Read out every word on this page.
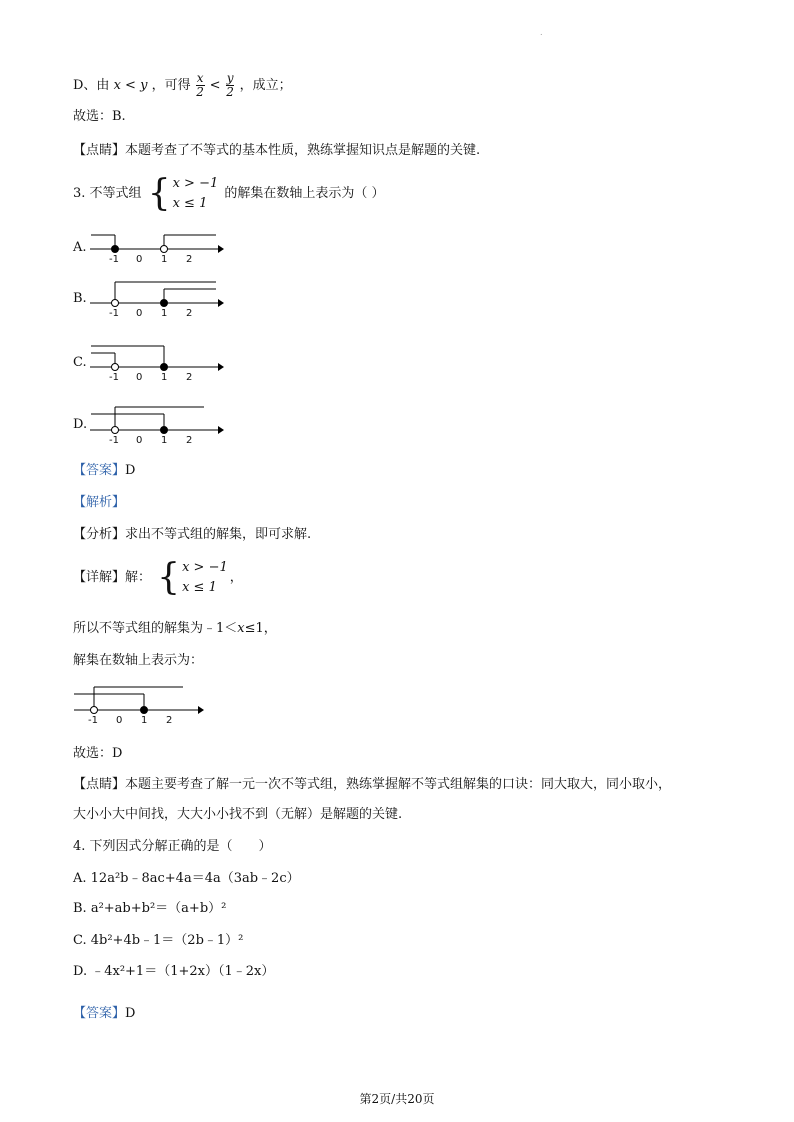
.
D、由 x < y ，可得 $\frac{x}{2} < \frac{y}{2}$ ，成立；
故选：B.
【点睛】本题考查了不等式的基本性质，熟练掌握知识点是解题的关键.
3. 不等式组 { x > −1
x ≤ 1
的解集在数轴上表示为（ ）
A.
-1 0 1 2
B.
-1 0 1 2
C.
-1 0 1 2
D.
-1 0 1 2
【答案】D
【解析】
【分析】求出不等式组的解集，即可求解.
【详解】解： { x > −1
x ≤ 1
，
所以不等式组的解集为﹣1＜x≤1，
解集在数轴上表示为：
-1 0 1 2
故选：D
【点睛】本题主要考查了解一元一次不等式组，熟练掌握解不等式组解集的口诀：同大取大，同小取小，
大小小大中间找，大大小小找不到（无解）是解题的关键.
4. 下列因式分解正确的是（　　）
A. 12a²b﹣8ac+4a＝4a（3ab﹣2c）
B. a²+ab+b²＝（a+b）²
C. 4b²+4b﹣1＝（2b﹣1）²
D. ﹣4x²+1＝（1+2x）（1﹣2x）
【答案】D
第2页/共20页
